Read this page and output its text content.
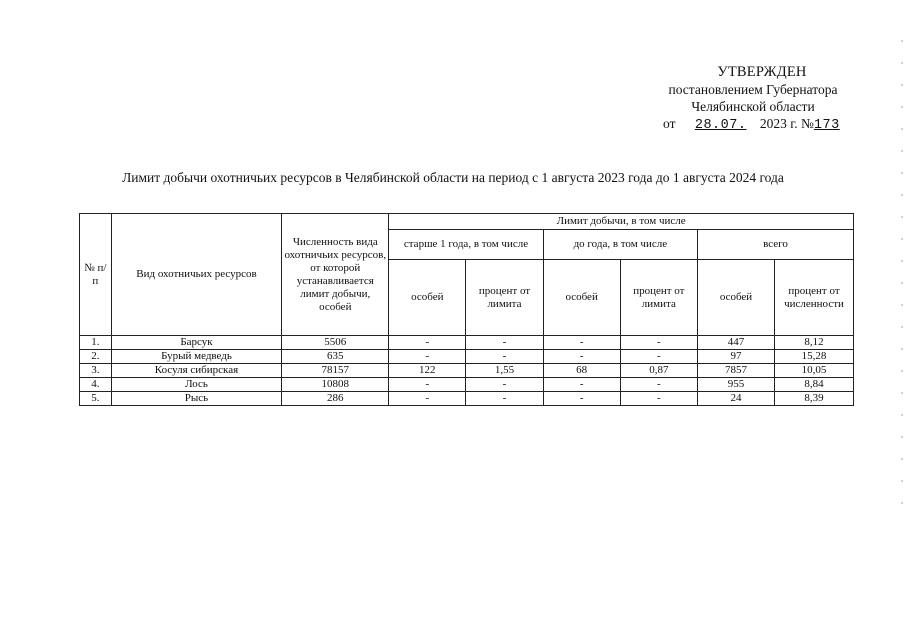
УТВЕРЖДЕН
постановлением Губернатора
Челябинской области
от 28.07. 2023 г. №173
Лимит добычи охотничьих ресурсов в Челябинской области на период с 1 августа 2023 года до 1 августа 2024 года
№ п/п	Вид охотничьих ресурсов	Численность вида охотничьих ресурсов, от которой устанавливается лимит добычи, особей	Лимит добычи, в том числе					
			старше 1 года, в том числе		до года, в том числе		всего	
			особей	процент от лимита	особей	процент от лимита	особей	процент от численности
1.	Барсук	5506	-	-	-	-	447	8,12
2.	Бурый медведь	635	-	-	-	-	97	15,28
3.	Косуля сибирская	78157	122	1,55	68	0,87	7857	10,05
4.	Лось	10808	-	-	-	-	955	8,84
5.	Рысь	286	-	-	-	-	24	8,39
